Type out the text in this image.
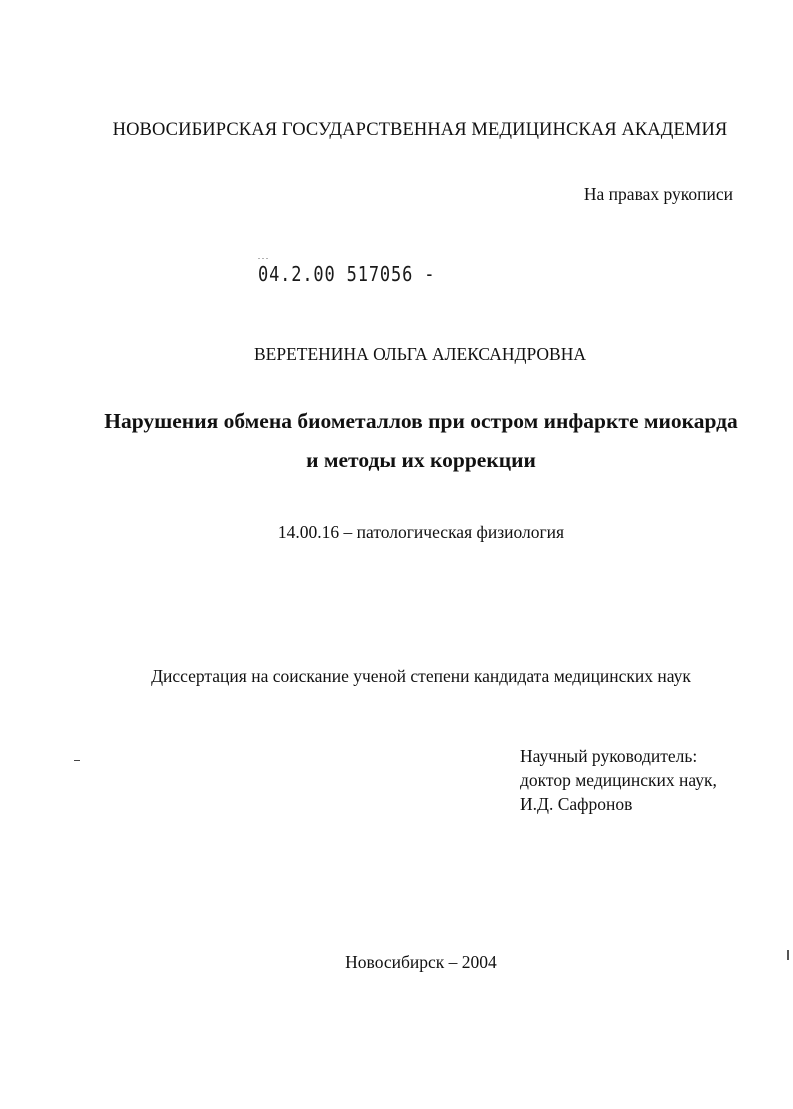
НОВОСИБИРСКАЯ ГОСУДАРСТВЕННАЯ МЕДИЦИНСКАЯ АКАДЕМИЯ
На правах рукописи
. . .
04.2.00 517056 -
ВЕРЕТЕНИНА ОЛЬГА АЛЕКСАНДРОВНА
Нарушения обмена биометаллов при остром инфаркте миокарда
и методы их коррекции
14.00.16 – патологическая физиология
Диссертация на соискание ученой степени кандидата медицинских наук
Научный руководитель:
доктор медицинских наук,
И.Д. Сафронов
Новосибирск – 2004
